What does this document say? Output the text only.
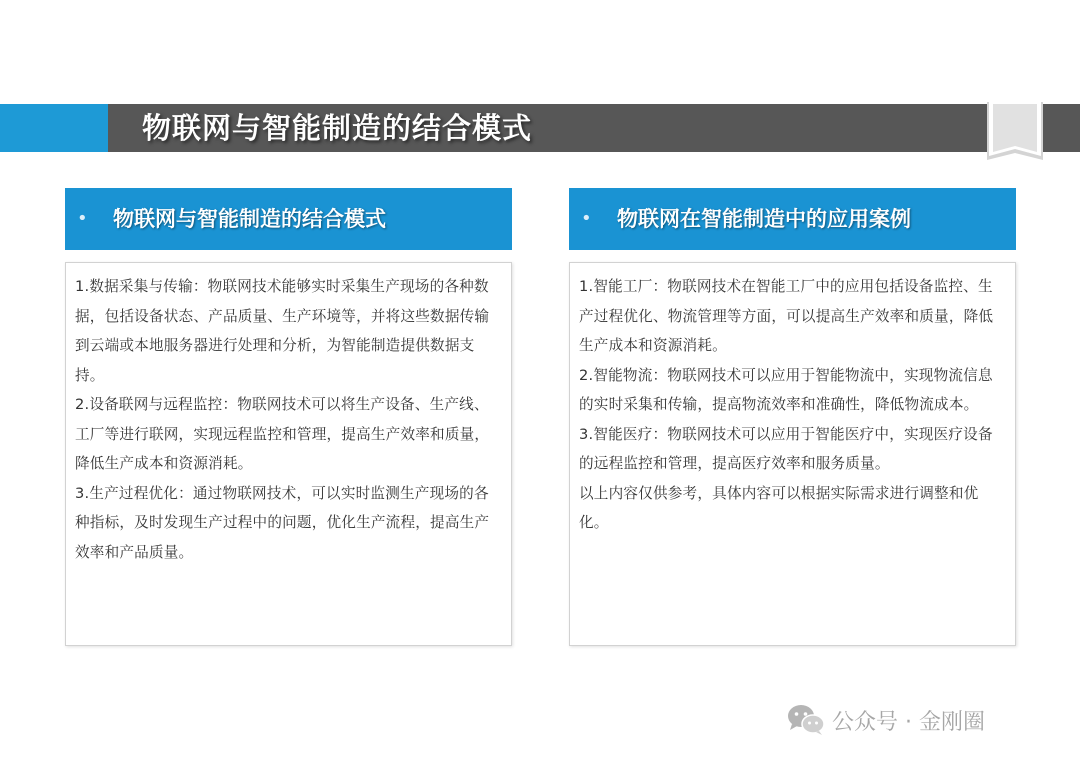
物联网与智能制造的结合模式
• 物联网与智能制造的结合模式

1.数据采集与传输：物联网技术能够实时采集生产现场的各种数据，包括设备状态、产品质量、生产环境等，并将这些数据传输到云端或本地服务器进行处理和分析，为智能制造提供数据支持。

2.设备联网与远程监控：物联网技术可以将生产设备、生产线、工厂等进行联网，实现远程监控和管理，提高生产效率和质量，降低生产成本和资源消耗。

3.生产过程优化：通过物联网技术，可以实时监测生产现场的各种指标，及时发现生产过程中的问题，优化生产流程，提高生产效率和产品质量。

• 物联网在智能制造中的应用案例

1.智能工厂：物联网技术在智能工厂中的应用包括设备监控、生产过程优化、物流管理等方面，可以提高生产效率和质量，降低生产成本和资源消耗。

2.智能物流：物联网技术可以应用于智能物流中，实现物流信息的实时采集和传输，提高物流效率和准确性，降低物流成本。

3.智能医疗：物联网技术可以应用于智能医疗中，实现医疗设备的远程监控和管理，提高医疗效率和服务质量。

以上内容仅供参考，具体内容可以根据实际需求进行调整和优化。

公众号 · 金刚圈
